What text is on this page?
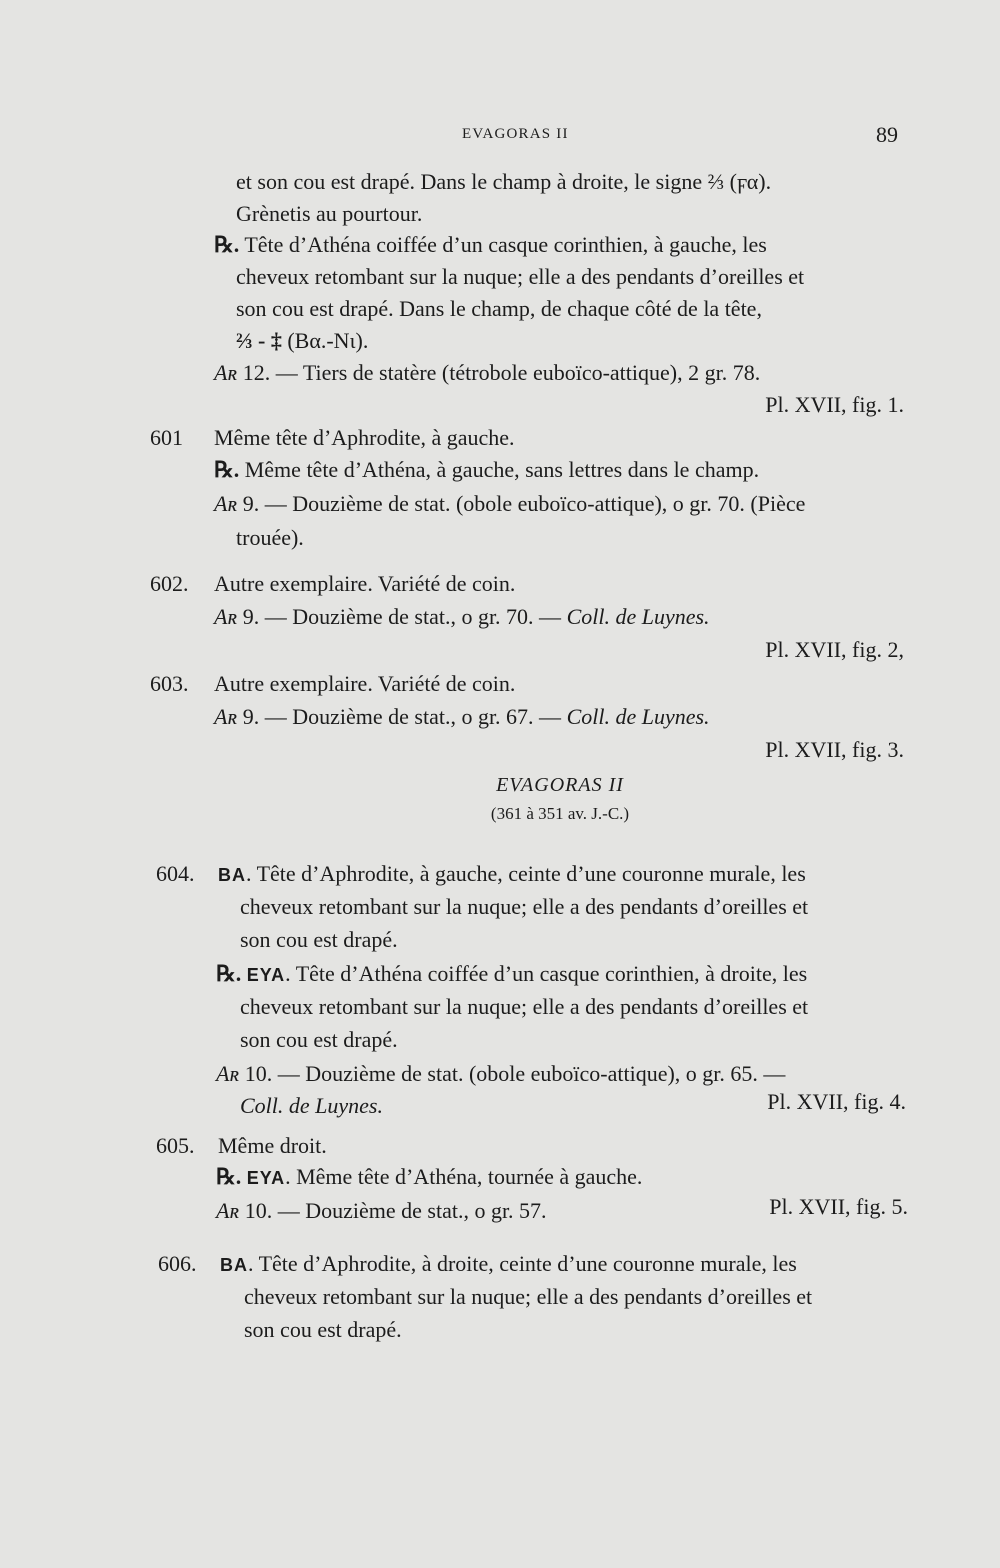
EVAGORAS II	89
et son cou est drapé. Dans le champ à droite, le signe ⅔ (ϝα).
Grènetis au pourtour.
℞. Tête d’Athéna coiffée d’un casque corinthien, à gauche, les
cheveux retombant sur la nuque; elle a des pendants d’oreilles et
son cou est drapé. Dans le champ, de chaque côté de la tête,
⅔ - ‡ (Βα.-Νι).
Aʀ 12. — Tiers de statère (tétrobole euboïco-attique), 2 gr. 78.
Pl. XVII, fig. 1.
601 Même tête d’Aphrodite, à gauche.
℞. Même tête d’Athéna, à gauche, sans lettres dans le champ.
Aʀ 9. — Douzième de stat. (obole euboïco-attique), o gr. 70. (Pièce
trouée).
602. Autre exemplaire. Variété de coin.
Aʀ 9. — Douzième de stat., o gr. 70. — Coll. de Luynes.
Pl. XVII, fig. 2,
603. Autre exemplaire. Variété de coin.
Aʀ 9. — Douzième de stat., o gr. 67. — Coll. de Luynes.
Pl. XVII, fig. 3.
EVAGORAS II
(361 à 351 av. J.-C.)
604. BA. Tête d’Aphrodite, à gauche, ceinte d’une couronne murale, les
cheveux retombant sur la nuque; elle a des pendants d’oreilles et
son cou est drapé.
℞. EYA. Tête d’Athéna coiffée d’un casque corinthien, à droite, les
cheveux retombant sur la nuque; elle a des pendants d’oreilles et
son cou est drapé.
Aʀ 10. — Douzième de stat. (obole euboïco-attique), o gr. 65. —
Coll. de Luynes.	Pl. XVII, fig. 4.
605. Même droit.
℞. EYA. Même tête d’Athéna, tournée à gauche.
Aʀ 10. — Douzième de stat., o gr. 57.	Pl. XVII, fig. 5.
606. BA. Tête d’Aphrodite, à droite, ceinte d’une couronne murale, les
cheveux retombant sur la nuque; elle a des pendants d’oreilles et
son cou est drapé.
